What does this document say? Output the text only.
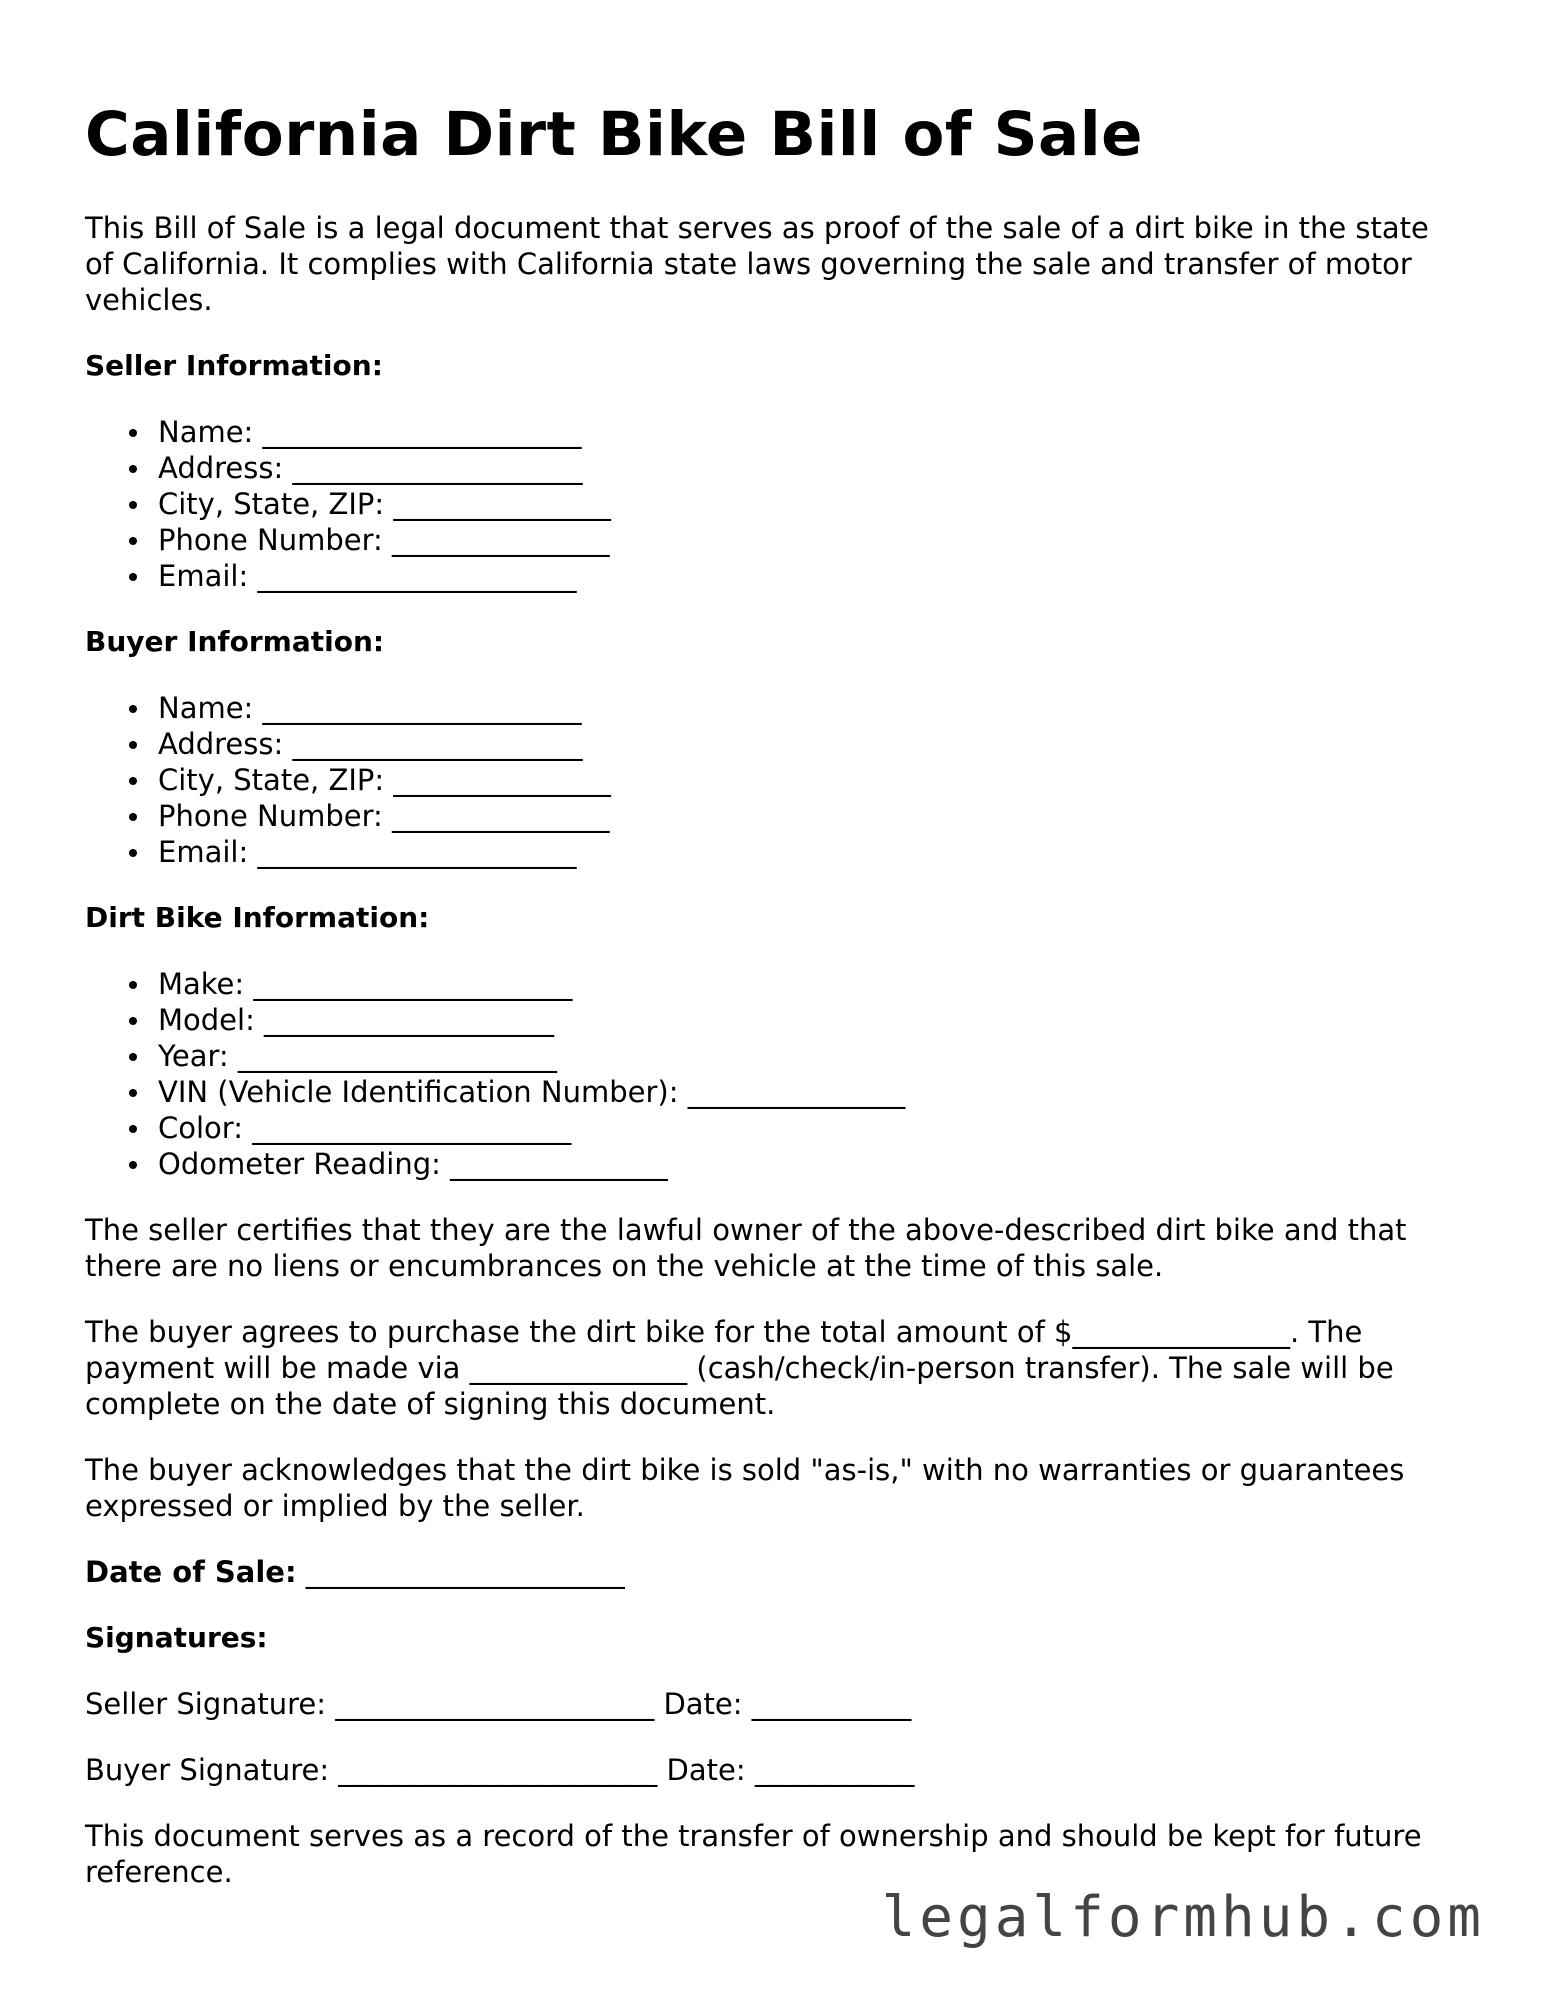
California Dirt Bike Bill of Sale

This Bill of Sale is a legal document that serves as proof of the sale of a dirt bike in the state of California. It complies with California state laws governing the sale and transfer of motor vehicles.

Seller Information:
Name: ______________________
Address: ____________________
City, State, ZIP: _______________
Phone Number: _______________
Email: ______________________
Buyer Information:
Name: ______________________
Address: ____________________
City, State, ZIP: _______________
Phone Number: _______________
Email: ______________________
Dirt Bike Information:
Make: ______________________
Model: ____________________
Year: ______________________
VIN (Vehicle Identification Number): _______________
Color: ______________________
Odometer Reading: _______________

The seller certifies that they are the lawful owner of the above-described dirt bike and that there are no liens or encumbrances on the vehicle at the time of this sale.

The buyer agrees to purchase the dirt bike for the total amount of $_______________. The payment will be made via _______________ (cash/check/in-person transfer). The sale will be complete on the date of signing this document.

The buyer acknowledges that the dirt bike is sold "as-is," with no warranties or guarantees expressed or implied by the seller.

Date of Sale: ______________________
Signatures:
Seller Signature: ______________________ Date: ___________
Buyer Signature: ______________________ Date: ___________

This document serves as a record of the transfer of ownership and should be kept for future reference.

legalformhub.com
